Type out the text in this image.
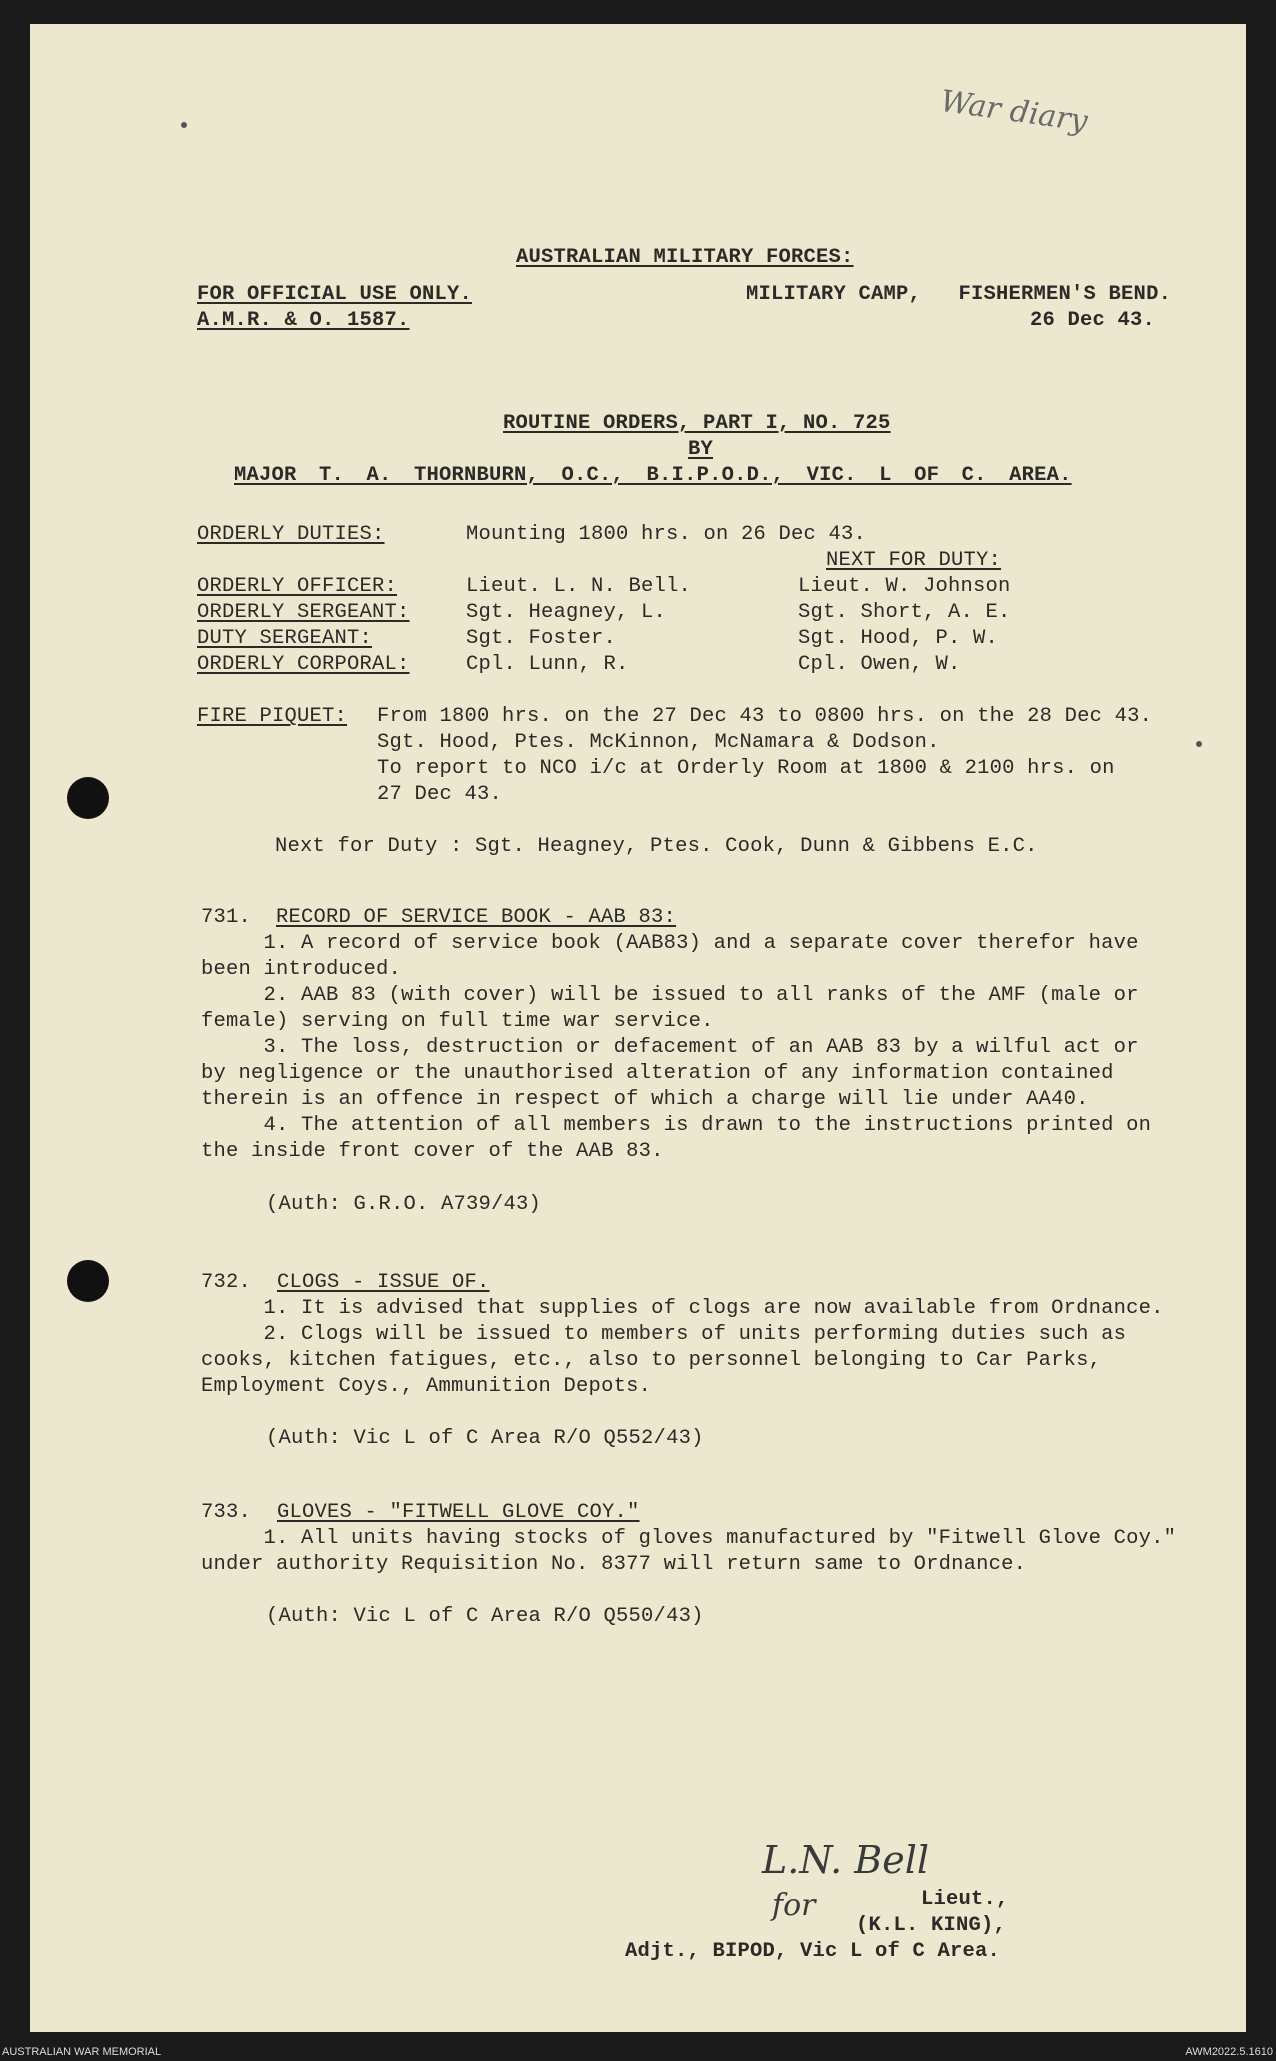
War diary
AUSTRALIAN MILITARY FORCES:
FOR OFFICIAL USE ONLY.
A.M.R. & O. 1587.
MILITARY CAMP,   FISHERMEN'S BEND.
26 Dec 43.
ROUTINE ORDERS, PART I, NO. 725
BY
MAJOR T. A. THORNBURN, O.C., B.I.P.O.D., VIC. L OF C. AREA.
ORDERLY DUTIES:	Mounting 1800 hrs. on 26 Dec 43.
NEXT FOR DUTY:
ORDERLY OFFICER:	Lieut. L. N. Bell.	Lieut. W. Johnson
ORDERLY SERGEANT:	Sgt. Heagney, L.	Sgt. Short, A. E.
DUTY SERGEANT:	Sgt. Foster.	Sgt. Hood, P. W.
ORDERLY CORPORAL:	Cpl. Lunn, R.	Cpl. Owen, W.
FIRE PIQUET: From 1800 hrs. on the 27 Dec 43 to 0800 hrs. on the 28 Dec 43.
Sgt. Hood, Ptes. McKinnon, McNamara & Dodson.
To report to NCO i/c at Orderly Room at 1800 & 2100 hrs. on
27 Dec 43.
Next for Duty : Sgt. Heagney, Ptes. Cook, Dunn & Gibbens E.C.
731. RECORD OF SERVICE BOOK - AAB 83:
1. A record of service book (AAB83) and a separate cover therefor have
been introduced.
2. AAB 83 (with cover) will be issued to all ranks of the AMF (male or
female) serving on full time war service.
3. The loss, destruction or defacement of an AAB 83 by a wilful act or
by negligence or the unauthorised alteration of any information contained
therein is an offence in respect of which a charge will lie under AA40.
4. The attention of all members is drawn to the instructions printed on
the inside front cover of the AAB 83.
(Auth: G.R.O. A739/43)
732. CLOGS - ISSUE OF.
1. It is advised that supplies of clogs are now available from Ordnance.
2. Clogs will be issued to members of units performing duties such as
cooks, kitchen fatigues, etc., also to personnel belonging to Car Parks,
Employment Coys., Ammunition Depots.
(Auth: Vic L of C Area R/O Q552/43)
733. GLOVES - "FITWELL GLOVE COY."
1. All units having stocks of gloves manufactured by "Fitwell Glove Coy."
under authority Requisition No. 8377 will return same to Ordnance.
(Auth: Vic L of C Area R/O Q550/43)
L.N. Bell
for	Lieut.,
(K.L. KING),
Adjt., BIPOD, Vic L of C Area.
AUSTRALIAN WAR MEMORIAL	AWM2022.5.1610
